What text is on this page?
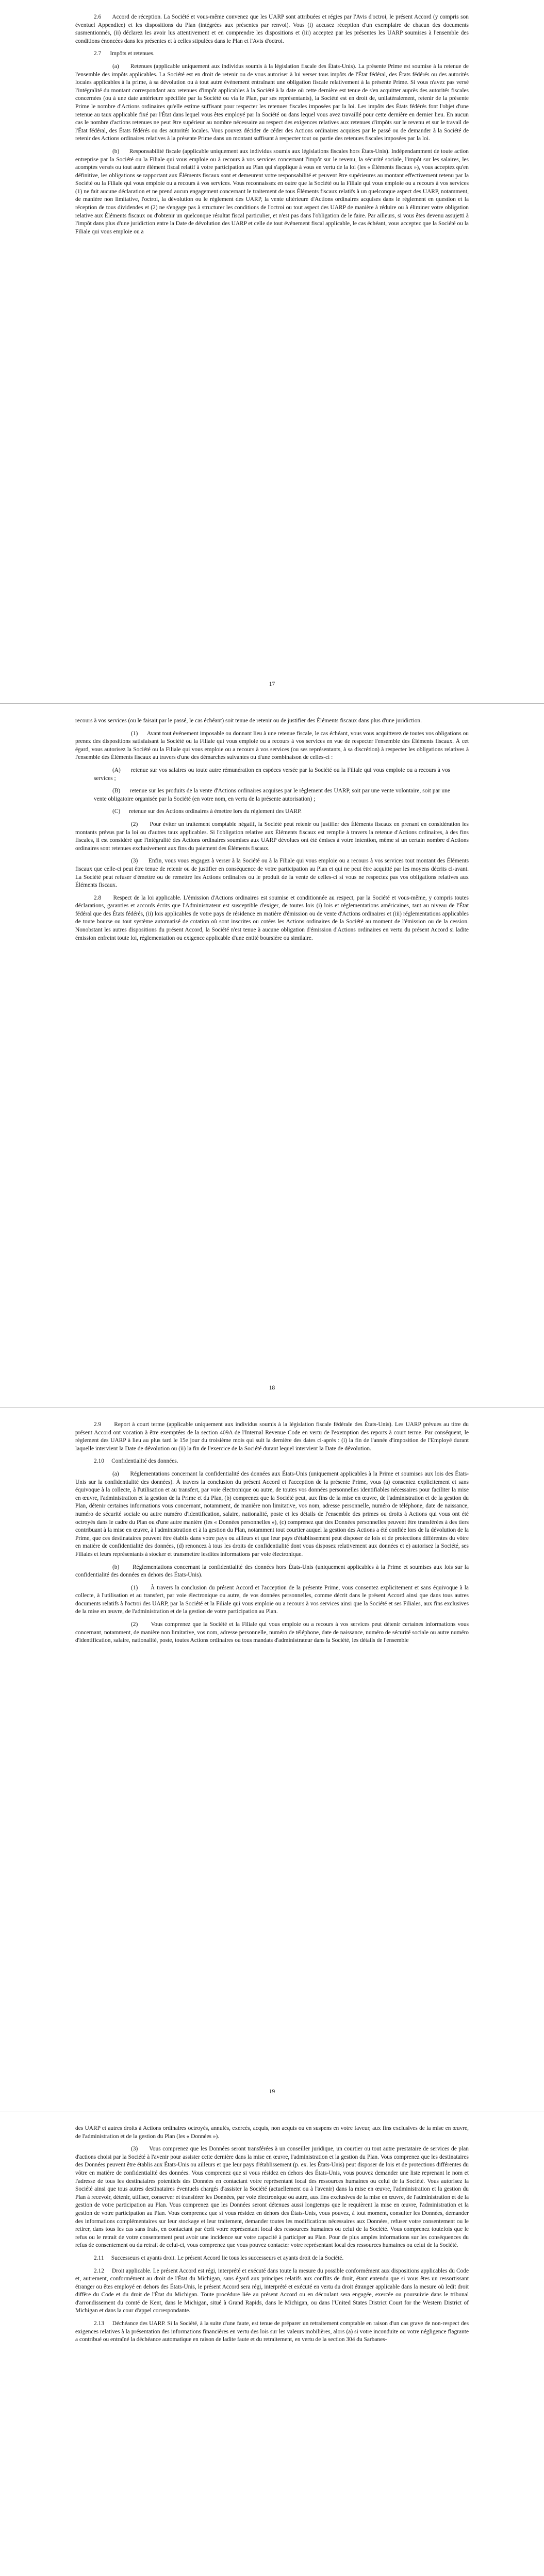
2.6      Accord de réception. La Société et vous-même convenez que les UARP sont attribuées et régies par l'Avis d'octroi, le présent Accord (y compris son éventuel Appendice) et les dispositions du Plan (intégrées aux présentes par renvoi). Vous (i) accusez réception d'un exemplaire de chacun des documents susmentionnés, (ii) déclarez les avoir lus attentivement et en comprendre les dispositions et (iii) acceptez par les présentes les UARP soumises à l'ensemble des conditions énoncées dans les présentes et à celles stipulées dans le Plan et l'Avis d'octroi.

2.7      Impôts et retenues.

(a)      Retenues (applicable uniquement aux individus soumis à la législation fiscale des États-Unis). La présente Prime est soumise à la retenue de l'ensemble des impôts applicables. La Société est en droit de retenir ou de vous autoriser à lui verser tous impôts de l'État fédéral, des États fédérés ou des autorités locales applicables à la prime, à sa dévolution ou à tout autre événement entraînant une obligation fiscale relativement à la présente Prime. Si vous n'avez pas versé l'intégralité du montant correspondant aux retenues d'impôt applicables à la Société à la date où cette dernière est tenue de s'en acquitter auprès des autorités fiscales concernées (ou à une date antérieure spécifiée par la Société ou via le Plan, par ses représentants), la Société est en droit de, unilatéralement, retenir de la présente Prime le nombre d'Actions ordinaires qu'elle estime suffisant pour respecter les retenues fiscales imposées par la loi. Les impôts des États fédérés font l'objet d'une retenue au taux applicable fixé par l'État dans lequel vous êtes employé par la Société ou dans lequel vous avez travaillé pour cette dernière en dernier lieu. En aucun cas le nombre d'actions retenues ne peut être supérieur au nombre nécessaire au respect des exigences relatives aux retenues d'impôts sur le revenu et sur le travail de l'État fédéral, des États fédérés ou des autorités locales. Vous pouvez décider de céder des Actions ordinaires acquises par le passé ou de demander à la Société de retenir des Actions ordinaires relatives à la présente Prime dans un montant suffisant à respecter tout ou partie des retenues fiscales imposées par la loi.

(b)      Responsabilité fiscale (applicable uniquement aux individus soumis aux législations fiscales hors États-Unis). Indépendamment de toute action entreprise par la Société ou la Filiale qui vous emploie ou à recours à vos services concernant l'impôt sur le revenu, la sécurité sociale, l'impôt sur les salaires, les acomptes versés ou tout autre élément fiscal relatif à votre participation au Plan qui s'applique à vous en vertu de la loi (les « Éléments fiscaux »), vous acceptez qu'en définitive, les obligations se rapportant aux Éléments fiscaux sont et demeurent votre responsabilité et peuvent être supérieures au montant effectivement retenu par la Société ou la Filiale qui vous emploie ou a recours à vos services. Vous reconnaissez en outre que la Société ou la Filiale qui vous emploie ou a recours à vos services (1) ne fait aucune déclaration et ne prend aucun engagement concernant le traitement de tous Éléments fiscaux relatifs à un quelconque aspect des UARP, notamment, de manière non limitative, l'octroi, la dévolution ou le règlement des UARP, la vente ultérieure d'Actions ordinaires acquises dans le règlement en question et la réception de tous dividendes et (2) ne s'engage pas à structurer les conditions de l'octroi ou tout aspect des UARP de manière à réduire ou à éliminer votre obligation relative aux Éléments fiscaux ou d'obtenir un quelconque résultat fiscal particulier, et n'est pas dans l'obligation de le faire. Par ailleurs, si vous êtes devenu assujetti à l'impôt dans plus d'une juridiction entre la Date de dévolution des UARP et celle de tout événement fiscal applicable, le cas échéant, vous acceptez que la Société ou la Filiale qui vous emploie ou a

17

recours à vos services (ou le faisait par le passé, le cas échéant) soit tenue de retenir ou de justifier des Éléments fiscaux dans plus d'une juridiction.

(1)      Avant tout événement imposable ou donnant lieu à une retenue fiscale, le cas échéant, vous vous acquitterez de toutes vos obligations ou prenez des dispositions satisfaisant la Société ou la Filiale qui vous emploie ou a recours à vos services en vue de respecter l'ensemble des Éléments fiscaux. À cet égard, vous autorisez la Société ou la Filiale qui vous emploie ou a recours à vos services (ou ses représentants, à sa discrétion) à respecter les obligations relatives à l'ensemble des Éléments fiscaux au travers d'une des démarches suivantes ou d'une combinaison de celles-ci :

(A)      retenue sur vos salaires ou toute autre rémunération en espèces versée par la Société ou la Filiale qui vous emploie ou a recours à vos services ;

(B)      retenue sur les produits de la vente d'Actions ordinaires acquises par le règlement des UARP, soit par une vente volontaire, soit par une vente obligatoire organisée par la Société (en votre nom, en vertu de la présente autorisation) ;

(C)      retenue sur des Actions ordinaires à émettre lors du règlement des UARP.

(2)      Pour éviter un traitement comptable négatif, la Société peut retenir ou justifier des Éléments fiscaux en prenant en considération les montants prévus par la loi ou d'autres taux applicables. Si l'obligation relative aux Éléments fiscaux est remplie à travers la retenue d'Actions ordinaires, à des fins fiscales, il est considéré que l'intégralité des Actions ordinaires soumises aux UARP dévolues ont été émises à votre intention, même si un certain nombre d'Actions ordinaires sont retenues exclusivement aux fins du paiement des Éléments fiscaux.

(3)      Enfin, vous vous engagez à verser à la Société ou à la Filiale qui vous emploie ou a recours à vos services tout montant des Éléments fiscaux que celle-ci peut être tenue de retenir ou de justifier en conséquence de votre participation au Plan et qui ne peut être acquitté par les moyens décrits ci-avant. La Société peut refuser d'émettre ou de remettre les Actions ordinaires ou le produit de la vente de celles-ci si vous ne respectez pas vos obligations relatives aux Éléments fiscaux.

2.8      Respect de la loi applicable. L'émission d'Actions ordinaires est soumise et conditionnée au respect, par la Société et vous-même, y compris toutes déclarations, garanties et accords écrits que l'Administrateur est susceptible d'exiger, de toutes lois (i) lois et réglementations américaines, tant au niveau de l'État fédéral que des États fédérés, (ii) lois applicables de votre pays de résidence en matière d'émission ou de vente d'Actions ordinaires et (iii) réglementations applicables de toute bourse ou tout système automatisé de cotation où sont inscrites ou cotées les Actions ordinaires de la Société au moment de l'émission ou de la cession. Nonobstant les autres dispositions du présent Accord, la Société n'est tenue à aucune obligation d'émission d'Actions ordinaires en vertu du présent Accord si ladite émission enfreint toute loi, réglementation ou exigence applicable d'une entité boursière ou similaire.

18

2.9      Report à court terme (applicable uniquement aux individus soumis à la législation fiscale fédérale des États-Unis). Les UARP prévues au titre du présent Accord ont vocation à être exemptées de la section 409A de l'Internal Revenue Code en vertu de l'exemption des reports à court terme. Par conséquent, le règlement des UARP à lieu au plus tard le 15e jour du troisième mois qui suit la dernière des dates ci-après : (i) la fin de l'année d'imposition de l'Employé durant laquelle intervient la Date de dévolution ou (ii) la fin de l'exercice de la Société durant lequel intervient la Date de dévolution.

2.10     Confidentialité des données.

(a)      Réglementations concernant la confidentialité des données aux États-Unis (uniquement applicables à la Prime et soumises aux lois des États-Unis sur la confidentialité des données). À travers la conclusion du présent Accord et l'acception de la présente Prime, vous (a) consentez explicitement et sans équivoque à la collecte, à l'utilisation et au transfert, par voie électronique ou autre, de toutes vos données personnelles identifiables nécessaires pour faciliter la mise en œuvre, l'administration et la gestion de la Prime et du Plan, (b) comprenez que la Société peut, aux fins de la mise en œuvre, de l'administration et de la gestion du Plan, détenir certaines informations vous concernant, notamment, de manière non limitative, vos nom, adresse personnelle, numéro de téléphone, date de naissance, numéro de sécurité sociale ou autre numéro d'identification, salaire, nationalité, poste et les détails de l'ensemble des primes ou droits à Actions qui vous ont été octroyés dans le cadre du Plan ou d'une autre manière (les « Données personnelles »), (c) comprenez que des Données personnelles peuvent être transférées à des tiers contribuant à la mise en œuvre, à l'administration et à la gestion du Plan, notamment tout courtier auquel la gestion des Actions a été confiée lors de la dévolution de la Prime, que ces destinataires peuvent être établis dans votre pays ou ailleurs et que leur pays d'établissement peut disposer de lois et de protections différentes du vôtre en matière de confidentialité des données, (d) renoncez à tous les droits de confidentialité dont vous disposez relativement aux données et e) autorisez la Société, ses Filiales et leurs représentants à stocker et transmettre lesdites informations par voie électronique.

(b)      Réglementations concernant la confidentialité des données hors États-Unis (uniquement applicables à la Prime et soumises aux lois sur la confidentialité des données en dehors des États-Unis).

(1)      À travers la conclusion du présent Accord et l'acception de la présente Prime, vous consentez explicitement et sans équivoque à la collecte, à l'utilisation et au transfert, par voie électronique ou autre, de vos données personnelles, comme décrit dans le présent Accord ainsi que dans tous autres documents relatifs à l'octroi des UARP, par la Société et la Filiale qui vous emploie ou a recours à vos services ainsi que la Société et ses Filiales, aux fins exclusives de la mise en œuvre, de l'administration et de la gestion de votre participation au Plan.

(2)      Vous comprenez que la Société et la Filiale qui vous emploie ou a recours à vos services peut détenir certaines informations vous concernant, notamment, de manière non limitative, vos nom, adresse personnelle, numéro de téléphone, date de naissance, numéro de sécurité sociale ou autre numéro d'identification, salaire, nationalité, poste, toutes Actions ordinaires ou tous mandats d'administrateur dans la Société, les détails de l'ensemble

19

des UARP et autres droits à Actions ordinaires octroyés, annulés, exercés, acquis, non acquis ou en suspens en votre faveur, aux fins exclusives de la mise en œuvre, de l'administration et de la gestion du Plan (les « Données »).

(3)      Vous comprenez que les Données seront transférées à un conseiller juridique, un courtier ou tout autre prestataire de services de plan d'actions choisi par la Société à l'avenir pour assister cette dernière dans la mise en œuvre, l'administration et la gestion du Plan. Vous comprenez que les destinataires des Données peuvent être établis aux États-Unis ou ailleurs et que leur pays d'établissement (p. ex. les États-Unis) peut disposer de lois et de protections différentes du vôtre en matière de confidentialité des données. Vous comprenez que si vous résidez en dehors des États-Unis, vous pouvez demander une liste reprenant le nom et l'adresse de tous les destinataires potentiels des Données en contactant votre représentant local des ressources humaines ou celui de la Société. Vous autorisez la Société ainsi que tous autres destinataires éventuels chargés d'assister la Société (actuellement ou à l'avenir) dans la mise en œuvre, l'administration et la gestion du Plan à recevoir, détenir, utiliser, conserver et transférer les Données, par voie électronique ou autre, aux fins exclusives de la mise en œuvre, de l'administration et de la gestion de votre participation au Plan. Vous comprenez que les Données seront détenues aussi longtemps que le requièrent la mise en œuvre, l'administration et la gestion de votre participation au Plan. Vous comprenez que si vous résidez en dehors des États-Unis, vous pouvez, à tout moment, consulter les Données, demander des informations complémentaires sur leur stockage et leur traitement, demander toutes les modifications nécessaires aux Données, refuser votre consentement ou le retirer, dans tous les cas sans frais, en contactant par écrit votre représentant local des ressources humaines ou celui de la Société. Vous comprenez toutefois que le refus ou le retrait de votre consentement peut avoir une incidence sur votre capacité à participer au Plan. Pour de plus amples informations sur les conséquences du refus de consentement ou du retrait de celui-ci, vous comprenez que vous pouvez contacter votre représentant local des ressources humaines ou celui de la Société.

2.11     Successeurs et ayants droit. Le présent Accord lie tous les successeurs et ayants droit de la Société.

2.12     Droit applicable. Le présent Accord est régi, interprété et exécuté dans toute la mesure du possible conformément aux dispositions applicables du Code et, autrement, conformément au droit de l'État du Michigan, sans égard aux principes relatifs aux conflits de droit, étant entendu que si vous êtes un ressortissant étranger ou êtes employé en dehors des États-Unis, le présent Accord sera régi, interprété et exécuté en vertu du droit étranger applicable dans la mesure où ledit droit diffère du Code et du droit de l'État du Michigan. Toute procédure liée au présent Accord ou en découlant sera engagée, exercée ou poursuivie dans le tribunal d'arrondissement du comté de Kent, dans le Michigan, situé à Grand Rapids, dans le Michigan, ou dans l'United States District Court for the Western District of Michigan et dans la cour d'appel correspondante.

2.13     Déchéance des UARP. Si la Société, à la suite d'une faute, est tenue de préparer un retraitement comptable en raison d'un cas grave de non-respect des exigences relatives à la présentation des informations financières en vertu des lois sur les valeurs mobilières, alors (a) si votre inconduite ou votre négligence flagrante a contribué ou entraîné la déchéance automatique en raison de ladite faute et du retraitement, en vertu de la section 304 du Sarbanes-
